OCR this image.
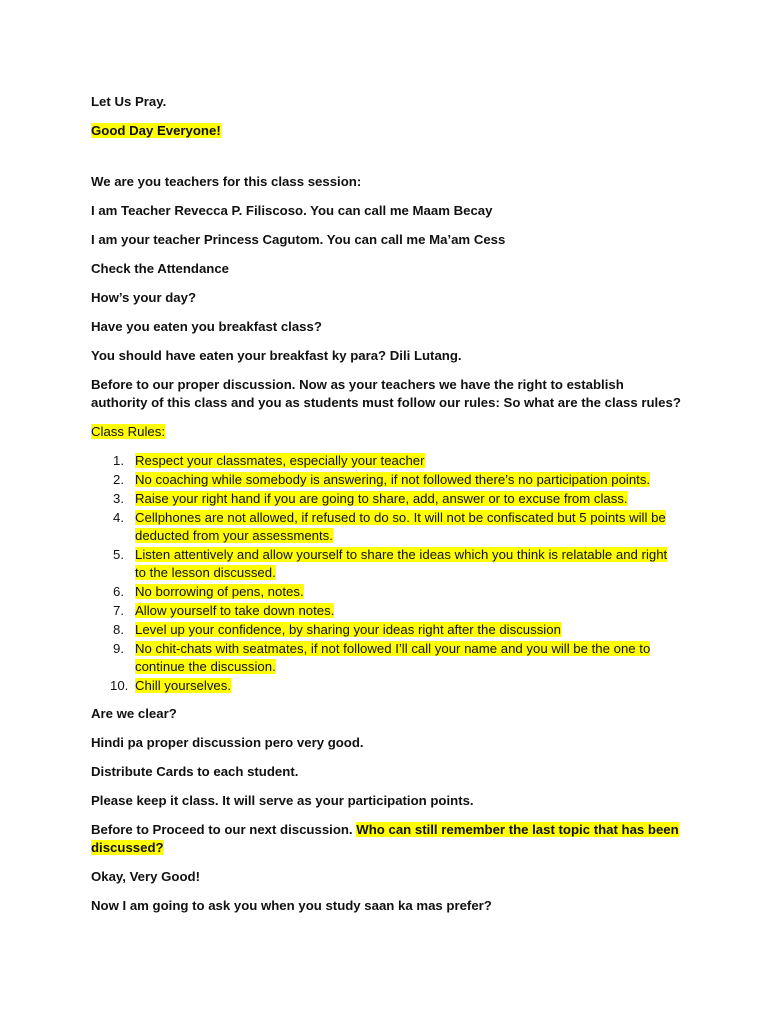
Let Us Pray.

Good Day Everyone!

We are you teachers for this class session:

I am Teacher Revecca P. Filiscoso. You can call me Maam Becay

I am your teacher Princess Cagutom. You can call me Ma’am Cess

Check the Attendance

How’s your day?

Have you eaten you breakfast class?

You should have eaten your breakfast ky para? Dili Lutang.

Before to our proper discussion. Now as your teachers we have the right to establish authority of this class and you as students must follow our rules: So what are the class rules?

Class Rules:

1. Respect your classmates, especially your teacher
2. No coaching while somebody is answering, if not followed there’s no participation points.
3. Raise your right hand if you are going to share, add, answer or to excuse from class.
4. Cellphones are not allowed, if refused to do so. It will not be confiscated but 5 points will be deducted from your assessments.
5. Listen attentively and allow yourself to share the ideas which you think is relatable and right to the lesson discussed.
6. No borrowing of pens, notes.
7. Allow yourself to take down notes.
8. Level up your confidence, by sharing your ideas right after the discussion
9. No chit-chats with seatmates, if not followed I’ll call your name and you will be the one to continue the discussion.
10. Chill yourselves.

Are we clear?

Hindi pa proper discussion pero very good.

Distribute Cards to each student.

Please keep it class. It will serve as your participation points.

Before to Proceed to our next discussion. Who can still remember the last topic that has been discussed?

Okay, Very Good!

Now I am going to ask you when you study saan ka mas prefer?
